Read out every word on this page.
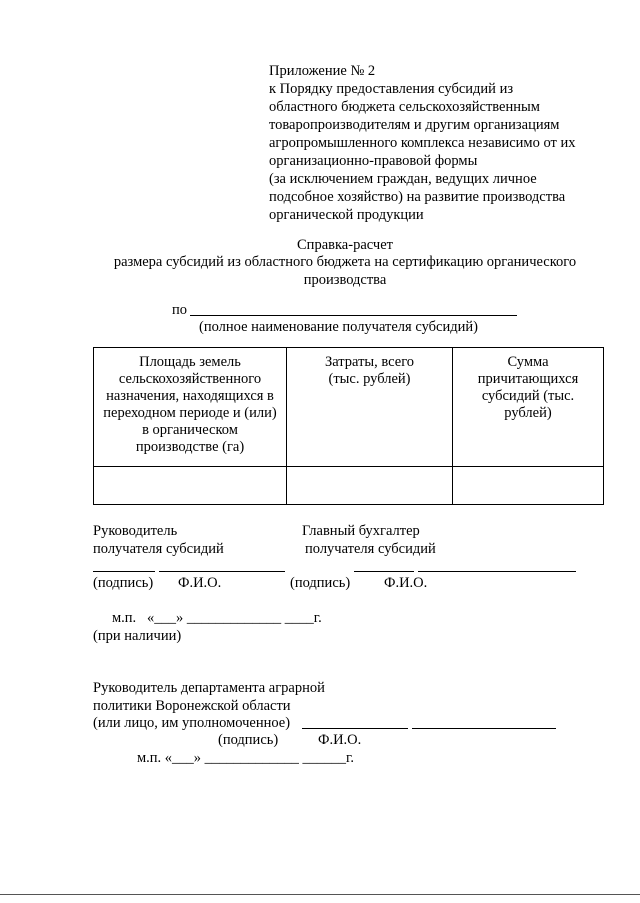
Приложение № 2
к Порядку предоставления субсидий из
областного бюджета сельскохозяйственным
товаропроизводителям и другим организациям
агропромышленного комплекса независимо от их
организационно-правовой формы
(за исключением граждан, ведущих личное
подсобное хозяйство) на развитие производства
органической продукции
Справка-расчет
размера субсидий из областного бюджета на сертификацию органического
производства
по
(полное наименование получателя субсидий)
Площадь земель сельскохозяйственного назначения, находящихся в переходном периоде и (или) в органическом производстве (га)	Затраты, всего (тыс. рублей)	Сумма причитающихся субсидий (тыс. рублей)

Руководитель
получателя субсидий
Главный бухгалтер
получателя субсидий
(подпись) Ф.И.О.	(подпись) Ф.И.О.
м.п.   «___» _____________ ____г.
(при наличии)
Руководитель департамента аграрной
политики Воронежской области
(или лицо, им уполномоченное)
(подпись)	Ф.И.О.
м.п. «___» _____________ ______г.
